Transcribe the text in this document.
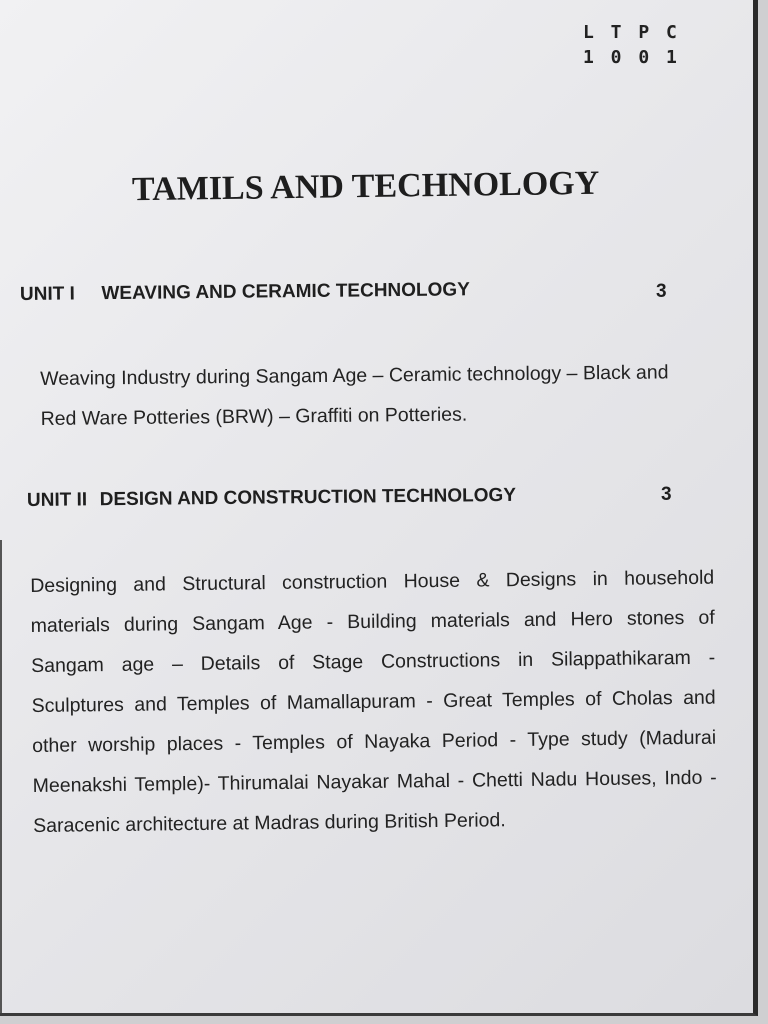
L T P C
1 0 0 1
TAMILS AND TECHNOLOGY
UNIT I WEAVING AND CERAMIC TECHNOLOGY	3
Weaving Industry during Sangam Age – Ceramic technology – Black and
Red Ware Potteries (BRW) – Graffiti on Potteries.
UNIT II DESIGN AND CONSTRUCTION TECHNOLOGY	3
Designing and Structural construction House & Designs in household
materials during Sangam Age - Building materials and Hero stones of
Sangam age – Details of Stage Constructions in Silappathikaram -
Sculptures and Temples of Mamallapuram - Great Temples of Cholas and
other worship places - Temples of Nayaka Period - Type study (Madurai
Meenakshi Temple)- Thirumalai Nayakar Mahal - Chetti Nadu Houses, Indo -
Saracenic architecture at Madras during British Period.
